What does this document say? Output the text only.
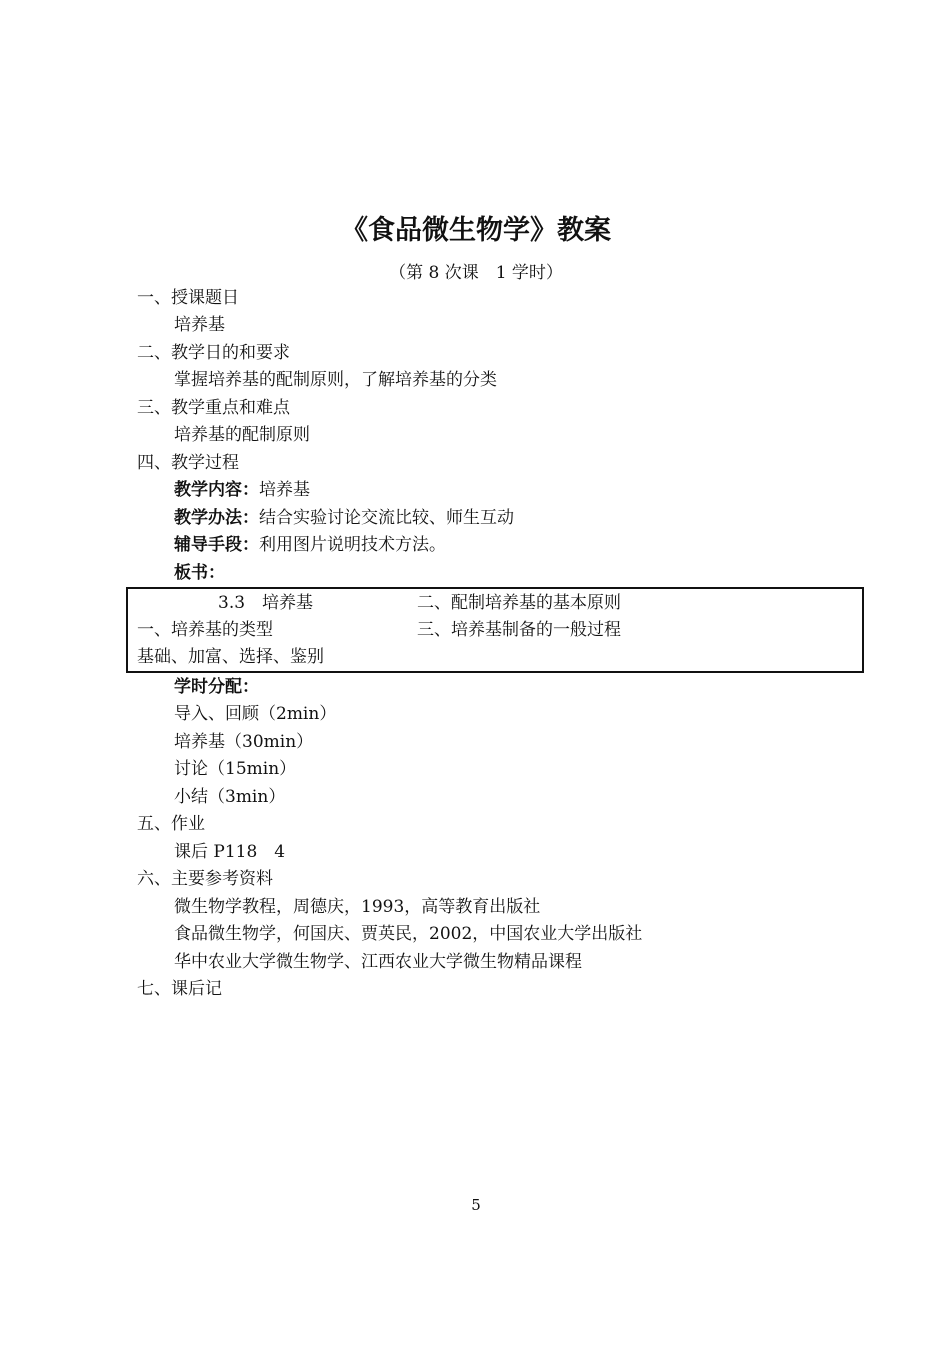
《食品微生物学》教案
（第 8 次课　1 学时）
一、授课题日
培养基
二、教学日的和要求
掌握培养基的配制原则，了解培养基的分类
三、教学重点和难点
培养基的配制原则
四、教学过程
教学内容：培养基
教学办法：结合实验讨论交流比较、师生互动
辅导手段：利用图片说明技术方法。
板书：
3.3　培养基	二、配制培养基的基本原则
一、培养基的类型	三、培养基制备的一般过程
基础、加富、选择、鉴别
学时分配：
导入、回顾（2min）
培养基（30min）
讨论（15min）
小结（3min）
五、作业
课后 P118　4
六、主要参考资料
微生物学教程，周德庆，1993，高等教育出版社
食品微生物学，何国庆、贾英民，2002，中国农业大学出版社
华中农业大学微生物学、江西农业大学微生物精品课程
七、课后记
5
